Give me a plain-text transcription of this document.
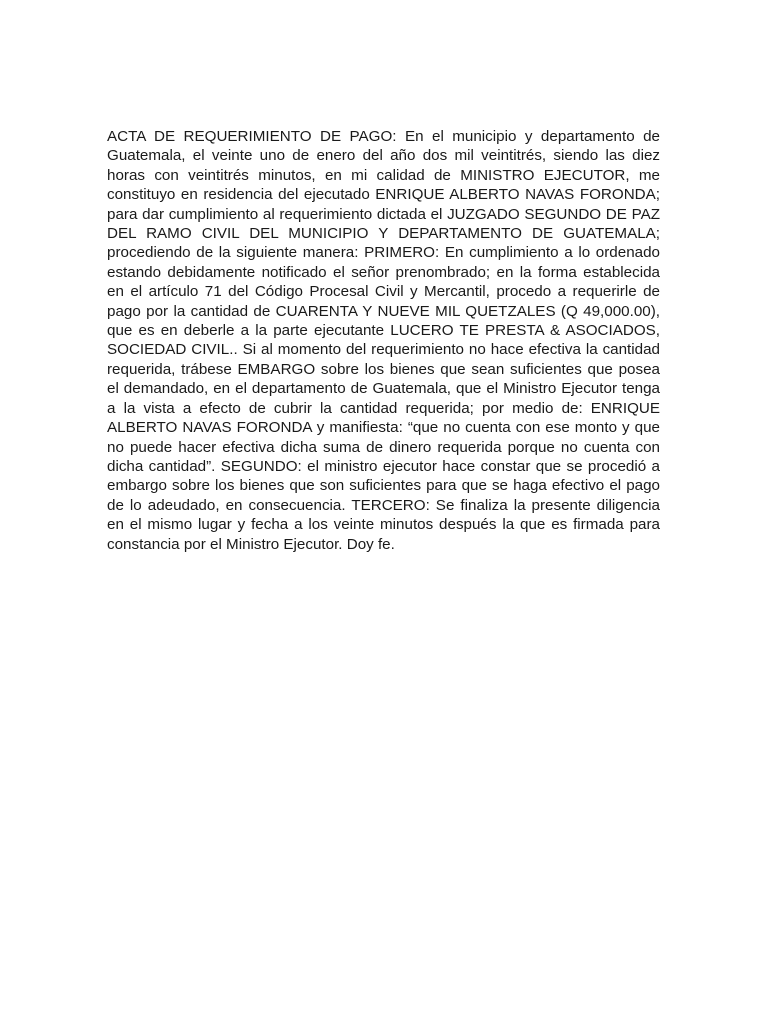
ACTA DE REQUERIMIENTO DE PAGO: En el municipio y departamento de Guatemala, el veinte uno de enero del año dos mil veintitrés, siendo las diez horas con veintitrés minutos, en mi calidad de MINISTRO EJECUTOR, me constituyo en residencia del ejecutado ENRIQUE ALBERTO NAVAS FORONDA; para dar cumplimiento al requerimiento dictada el JUZGADO SEGUNDO DE PAZ DEL RAMO CIVIL DEL MUNICIPIO Y DEPARTAMENTO DE GUATEMALA; procediendo de la siguiente manera: PRIMERO: En cumplimiento a lo ordenado estando debidamente notificado el señor prenombrado; en la forma establecida en el artículo 71 del Código Procesal Civil y Mercantil, procedo a requerirle de pago por la cantidad de CUARENTA Y NUEVE MIL QUETZALES (Q 49,000.00), que es en deberle a la parte ejecutante LUCERO TE PRESTA & ASOCIADOS, SOCIEDAD CIVIL.. Si al momento del requerimiento no hace efectiva la cantidad requerida, trábese EMBARGO sobre los bienes que sean suficientes que posea el demandado, en el departamento de Guatemala, que el Ministro Ejecutor tenga a la vista a efecto de cubrir la cantidad requerida; por medio de: ENRIQUE ALBERTO NAVAS FORONDA y manifiesta: “que no cuenta con ese monto y que no puede hacer efectiva dicha suma de dinero requerida porque no cuenta con dicha cantidad”. SEGUNDO: el ministro ejecutor hace constar que se procedió a embargo sobre los bienes que son suficientes para que se haga efectivo el pago de lo adeudado, en consecuencia. TERCERO: Se finaliza la presente diligencia en el mismo lugar y fecha a los veinte minutos después la que es firmada para constancia por el Ministro Ejecutor. Doy fe.
